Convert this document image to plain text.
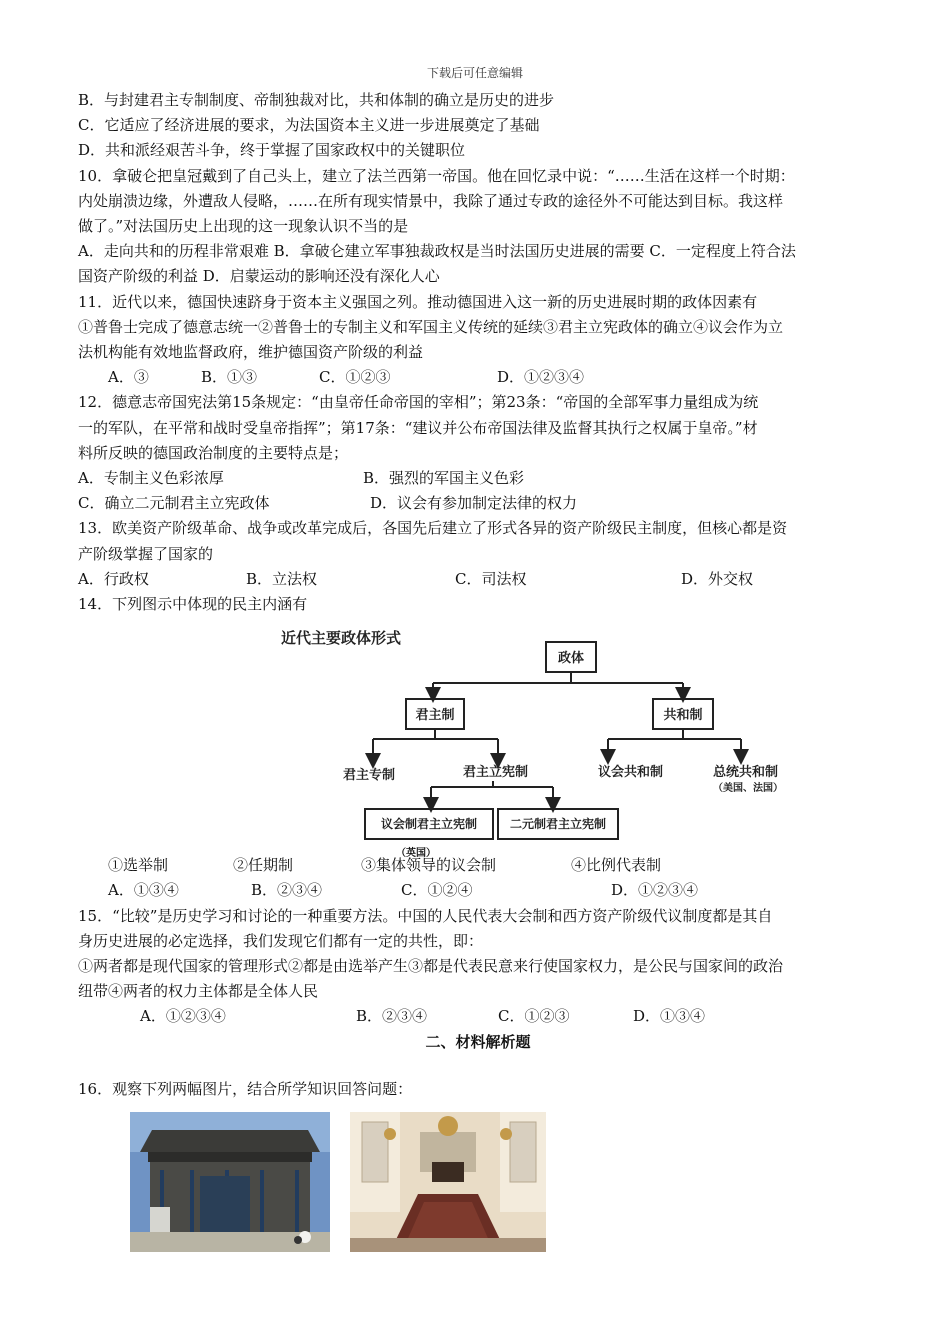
下载后可任意编辑
B．与封建君主专制制度、帝制独裁对比，共和体制的确立是历史的进步
C．它适应了经济进展的要求，为法国资本主义进一步进展奠定了基础
D．共和派经艰苦斗争，终于掌握了国家政权中的关键职位
10．拿破仑把皇冠戴到了自己头上，建立了法兰西第一帝国。他在回忆录中说：“……生活在这样一个时期：
内处崩溃边缘，外遭敌人侵略，……在所有现实情景中，我除了通过专政的途径外不可能达到目标。我这样
做了。”对法国历史上出现的这一现象认识不当的是
A．走向共和的历程非常艰难 B．拿破仑建立军事独裁政权是当时法国历史进展的需要 C．一定程度上符合法
国资产阶级的利益 D．启蒙运动的影响还没有深化人心
11．近代以来，德国快速跻身于资本主义强国之列。推动德国进入这一新的历史进展时期的政体因素有
①普鲁士完成了德意志统一②普鲁士的专制主义和军国主义传统的延续③君主立宪政体的确立④议会作为立
法机构能有效地监督政府，维护德国资产阶级的利益
A．③	B．①③	C．①②③	D．①②③④
12．德意志帝国宪法第15条规定：“由皇帝任命帝国的宰相”；第23条：“帝国的全部军事力量组成为统
一的军队，在平常和战时受皇帝指挥”；第17条：“建议并公布帝国法律及监督其执行之权属于皇帝。”材
料所反映的德国政治制度的主要特点是；
A．专制主义色彩浓厚	B．强烈的军国主义色彩
C．确立二元制君主立宪政体	D．议会有参加制定法律的权力
13．欧美资产阶级革命、战争或改革完成后，各国先后建立了形式各异的资产阶级民主制度，但核心都是资
产阶级掌握了国家的
A．行政权	B．立法权	C．司法权	D．外交权
14．下列图示中体现的民主内涵有
近代主要政体形式
政体
君主制	共和制
君主专制	君主立宪制	议会共和制	总统共和制
（美国、法国）
议会制君主立宪制	二元制君主立宪制
（英国）
①选举制	②任期制	③集体领导的议会制	④比例代表制
A．①③④	B．②③④	C．①②④	D．①②③④
15．“比较”是历史学习和讨论的一种重要方法。中国的人民代表大会制和西方资产阶级代议制度都是其自
身历史进展的必定选择，我们发现它们都有一定的共性，即：
①两者都是现代国家的管理形式②都是由选举产生③都是代表民意来行使国家权力，是公民与国家间的政治
纽带④两者的权力主体都是全体人民
A．①②③④	B．②③④	C．①②③	D．①③④
二、材料解析题
16．观察下列两幅图片，结合所学知识回答问题：
